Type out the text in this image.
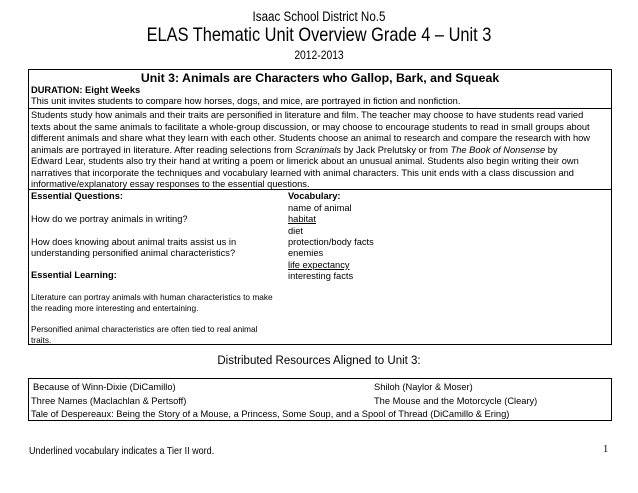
Isaac School District No.5
ELAS Thematic Unit Overview Grade 4 – Unit 3
2012-2013
Unit 3: Animals are Characters who Gallop, Bark, and Squeak
DURATION: Eight Weeks
This unit invites students to compare how horses, dogs, and mice, are portrayed in fiction and nonfiction.
Students study how animals and their traits are personified in literature and film. The teacher may choose to have students read varied
texts about the same animals to facilitate a whole-group discussion, or may choose to encourage students to read in small groups about
different animals and share what they learn with each other. Students choose an animal to research and compare the research with how
animals are portrayed in literature. After reading selections from Scranimals by Jack Prelutsky or from The Book of Nonsense by
Edward Lear, students also try their hand at writing a poem or limerick about an unusual animal. Students also begin writing their own
narratives that incorporate the techniques and vocabulary learned with animal characters. This unit ends with a class discussion and
informative/explanatory essay responses to the essential questions.
Essential Questions:
How do we portray animals in writing?
How does knowing about animal traits assist us in
understanding personified animal characteristics?
Essential Learning:
Literature can portray animals with human characteristics to make
the reading more interesting and entertaining.
Personified animal characteristics are often tied to real animal
traits.
Vocabulary:
name of animal
habitat
diet
protection/body facts
enemies
life expectancy
interesting facts
Distributed Resources Aligned to Unit 3:
Because of Winn-Dixie (DiCamillo)	Shiloh (Naylor & Moser)
Three Names (Maclachlan & Pertsoff)	The Mouse and the Motorcycle (Cleary)
Tale of Despereaux: Being the Story of a Mouse, a Princess, Some Soup, and a Spool of Thread (DiCamillo & Ering)
Underlined vocabulary indicates a Tier II word.	1
